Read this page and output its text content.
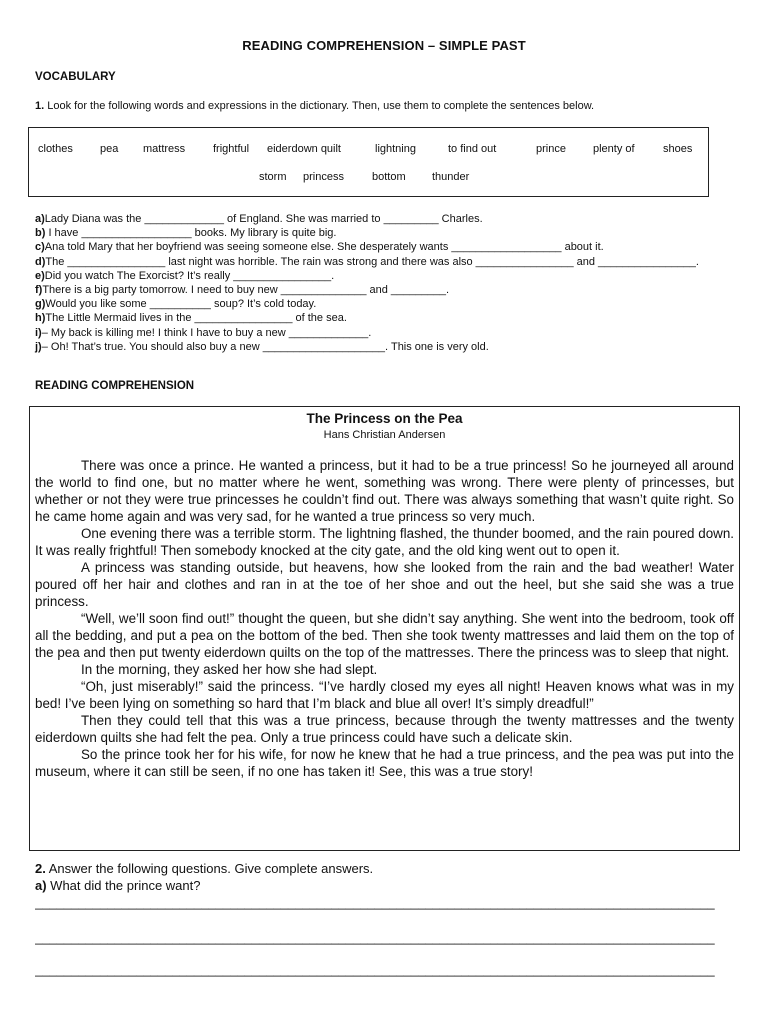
READING COMPREHENSION – SIMPLE PAST
VOCABULARY
1. Look for the following words and expressions in the dictionary. Then, use them to complete the sentences below.
clothes pea mattress	frightful eiderdown quilt	lightning	to find out	prince plenty of	shoes
storm princess	bottom thunder
a)Lady Diana was the _____________ of England. She was married to _________ Charles.
b) I have __________________ books. My library is quite big.
c)Ana told Mary that her boyfriend was seeing someone else. She desperately wants __________________ about it.
d)The ________________ last night was horrible. The rain was strong and there was also ________________ and ________________.
e)Did you watch The Exorcist? It’s really ________________.
f)There is a big party tomorrow. I need to buy new ______________ and _________.
g)Would you like some __________ soup? It’s cold today.
h)The Little Mermaid lives in the ________________ of the sea.
i)– My back is killing me! I think I have to buy a new _____________.
j)– Oh! That’s true. You should also buy a new ____________________. This one is very old.
READING COMPREHENSION
The Princess on the Pea
Hans Christian Andersen

There was once a prince. He wanted a princess, but it had to be a true princess! So he journeyed all around the world to find one, but no matter where he went, something was wrong. There were plenty of princesses, but whether or not they were true princesses he couldn’t find out. There was always something that wasn’t quite right. So he came home again and was very sad, for he wanted a true princess so very much.

One evening there was a terrible storm. The lightning flashed, the thunder boomed, and the rain poured down. It was really frightful! Then somebody knocked at the city gate, and the old king went out to open it.

A princess was standing outside, but heavens, how she looked from the rain and the bad weather! Water poured off her hair and clothes and ran in at the toe of her shoe and out the heel, but she said she was a true princess.

“Well, we’ll soon find out!” thought the queen, but she didn’t say anything. She went into the bedroom, took off all the bedding, and put a pea on the bottom of the bed. Then she took twenty mattresses and laid them on the top of the pea and then put twenty eiderdown quilts on the top of the mattresses. There the princess was to sleep that night.

In the morning, they asked her how she had slept.

“Oh, just miserably!” said the princess. “I’ve hardly closed my eyes all night! Heaven knows what was in my bed! I’ve been lying on something so hard that I’m black and blue all over! It’s simply dreadful!”

Then they could tell that this was a true princess, because through the twenty mattresses and the twenty eiderdown quilts she had felt the pea. Only a true princess could have such a delicate skin.

So the prince took her for his wife, for now he knew that he had a true princess, and the pea was put into the museum, where it can still be seen, if no one has taken it! See, this was a true story!

2. Answer the following questions. Give complete answers.
a) What did the prince want?
______________________________________________________________________________________________
______________________________________________________________________________________________
______________________________________________________________________________________________
